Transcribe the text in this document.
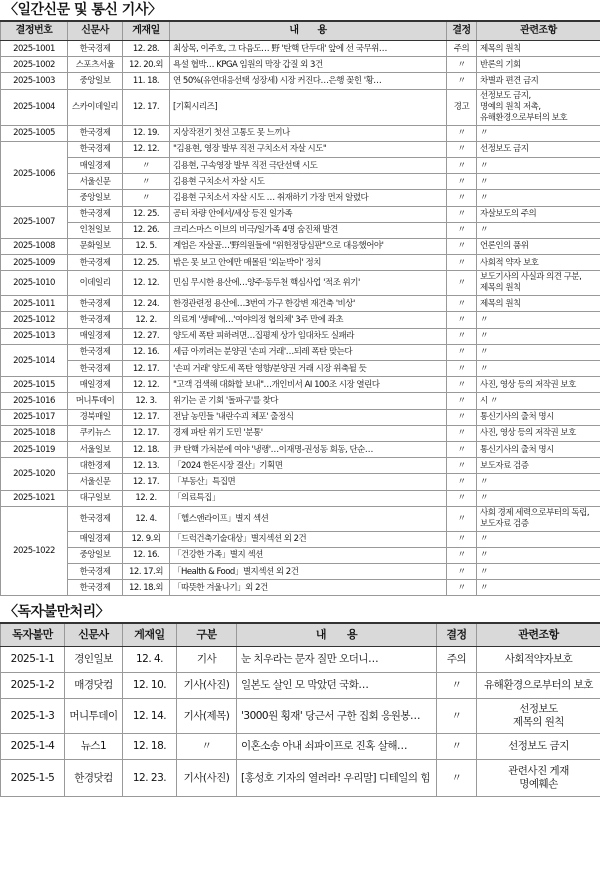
〈일간신문 및 통신 기사〉
결정번호	신문사	게재일	내　　용	결정	관련조항
2025-1001	한국경제	12. 28.	최상목, 이주호, 그 다음도… 野 '탄핵 단두대' 앞에 선 국무위…	주의	제목의 원칙
2025-1002	스포츠서울	12. 20.외	욕설 협박… KPGA 임원의 막장 갑질 외 3건	〃	반론의 기회
2025-1003	중앙일보	11. 18.	연 50%(유연대응선택 성장세) 시장 커진다…은행 꽂힌 '황…	〃	차별과 편견 금지
2025-1004	스카이데일리	12. 17.	[기획시리즈]	경고	선정보도 금지,
명예의 원칙 저촉,
유해환경으로부터의 보호
2025-1005	한국경제	12. 19.	지상작전기 첫선 고통도 못 느끼나	〃	〃
2025-1006	한국경제	12. 12.	"김용현, 영장 발부 직전 구치소서 자살 시도"	〃	선정보도 금지
	매일경제	〃	김용현, 구속영장 발부 직전 극단선택 시도	〃	〃
	서울신문	〃	김용현 구치소서 자살 시도	〃	〃
	중앙일보	〃	김용현 구치소서 자살 시도 … 취재하기 가장 먼저 알렸다	〃	〃
2025-1007	한국경제	12. 25.	공터 차량 안에서/세상 등진 일가족	〃	자살보도의 주의
	인천일보	12. 26.	크리스마스 이브의 비극/일가족 4명 숨진채 발견	〃	〃
2025-1008	문화일보	12. 5.	계엄은 자살골…'野의원들에 "위헌정당심판"으로 대응했어야'	〃	언론인의 품위
2025-1009	한국경제	12. 25.	밖은 못 보고 안에만 매몰된 '외눈박이' 정치	〃	사회적 약자 보호
2025-1010	이데일리	12. 12.	민심 무시한 용산에…양주·동두천 핵심사업 '적조 위기'	〃	보도기사의 사실과 의견 구분,
제목의 원칙
2025-1011	한국경제	12. 24.	한경관련정 용산에…3번여 가구 한강변 재건축 '비상'	〃	제목의 원칙
2025-1012	한국경제	12. 2.	의료계 '생떼'에…'여야의정 협의체' 3주 만에 좌초	〃	〃
2025-1013	매일경제	12. 27.	양도세 폭탄 피하려면…집평제 상가 임대차도 실패라	〃	〃
2025-1014	한국경제	12. 16.	세금 아끼려는 분양권 '손피 거래'…되레 폭탄 맞는다	〃	〃
	한국경제	12. 17.	'손피 거래' 양도세 폭탄 영향/분양권 거래 시장 위축될 듯	〃	〃
2025-1015	매일경제	12. 12.	"고객 검색해 대화할 보내"…개인비서 AI 100조 시장 열린다	〃	사진, 영상 등의 저작권 보호
2025-1016	머니투데이	12. 3.	위기는 곧 기회 '돌파구'를 찾다	〃	시 〃
2025-1017	경북매일	12. 17.	전남 농민들 '내란수괴 체포' 출정식	〃	통신기사의 출처 명시
2025-1018	쿠키뉴스	12. 17.	경제 파탄 위기 도민 '분통'	〃	사진, 영상 등의 저작권 보호
2025-1019	서울일보	12. 18.	尹 탄핵 가처분에 여야 '냉랭'…이재명-권성동 회동, 단순…	〃	통신기사의 출처 명시
2025-1020	대한경제	12. 13.	「2024 한돈시장 결산」기획면	〃	보도자료 검증
	서울신문	12. 17.	「부동산」특집면	〃	〃
2025-1021	대구일보	12. 2.	「의료특집」	〃	〃
2025-1022	한국경제	12. 4.	「헬스앤라이프」별지 섹션	〃	사회 경제 세력으로부터의 독립,
보도자료 검증
	매일경제	12. 9.외	「드럭건축기술대상」별지섹션 외 2건	〃	〃
	중앙일보	12. 16.	「건강한 가족」별지 섹션	〃	〃
	한국경제	12. 17.외	「Health & Food」별지섹션 외 2건	〃	〃
	한국경제	12. 18.외	「따뜻한 겨울나기」외 2건	〃	〃
〈독자불만처리〉
독자불만	신문사	게재일	구분	내　　용	결정	관련조항
2025-1-1	경인일보	12. 4.	기사	눈 치우라는 문자 질만 오더니…	주의	사회적약자보호
2025-1-2	매경닷컴	12. 10.	기사(사진)	일본도 살인 모 막았던 국화…	〃	유해환경으로부터의 보호
2025-1-3	머니투데이	12. 14.	기사(제목)	'3000원 횡재' 당근서 구한 집회 응원봉…	〃	선정보도
제목의 원칙
2025-1-4	뉴스1	12. 18.	〃	이혼소송 아내 쇠파이프로 진혹 살해…	〃	선정보도 금지
2025-1-5	한경닷컴	12. 23.	기사(사진)	[홍성호 기자의 열려라! 우리말] 디테일의 힘	〃	관련사진 게재
명예훼손
